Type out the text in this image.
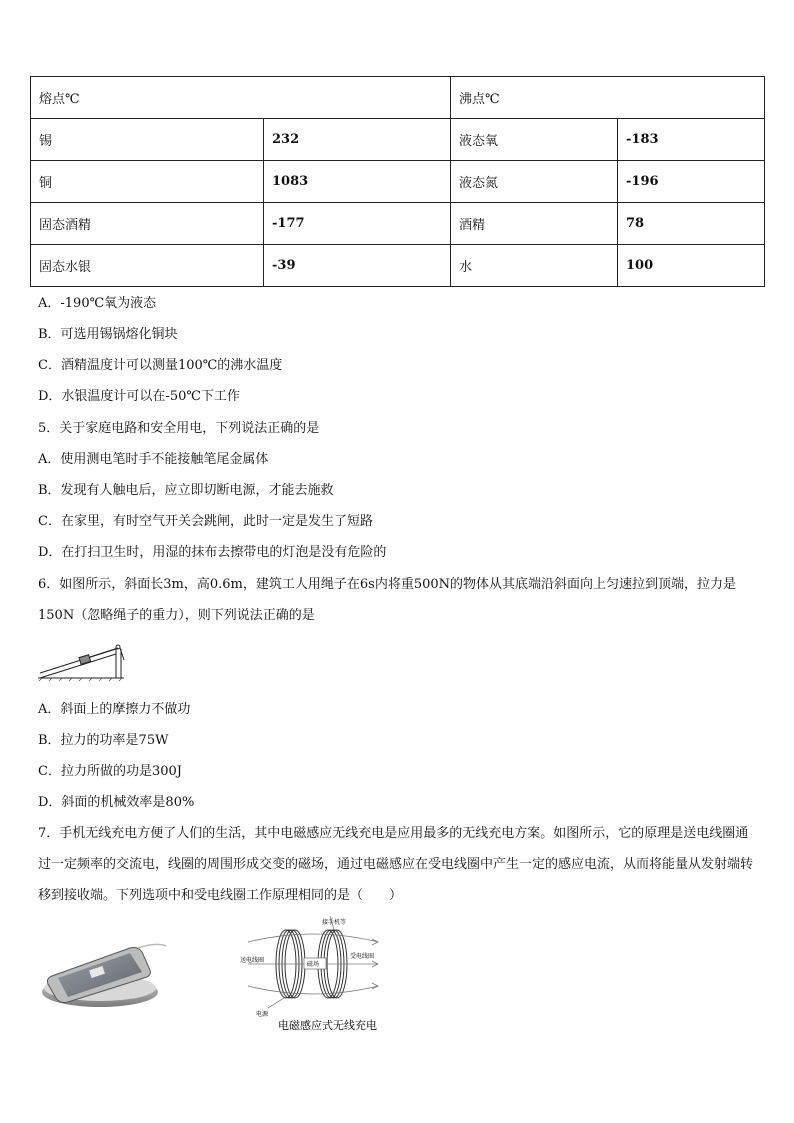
熔点℃		沸点℃	
锡	232	液态氧	-183
铜	1083	液态氮	-196
固态酒精	-177	酒精	78
固态水银	-39	水	100
A．-190℃氧为液态
B．可选用锡锅熔化铜块
C．酒精温度计可以测量100℃的沸水温度
D．水银温度计可以在-50℃下工作
5．关于家庭电路和安全用电，下列说法正确的是
A．使用测电笔时手不能接触笔尾金属体
B．发现有人触电后，应立即切断电源，才能去施救
C．在家里，有时空气开关会跳闸，此时一定是发生了短路
D．在打扫卫生时，用湿的抹布去擦带电的灯泡是没有危险的
6．如图所示，斜面长3m，高0.6m，建筑工人用绳子在6s内将重500N的物体从其底端沿斜面向上匀速拉到顶端，拉力是150N（忽略绳子的重力），则下列说法正确的是
A．斜面上的摩擦力不做功
B．拉力的功率是75W
C．拉力所做的功是300J
D．斜面的机械效率是80%
7．手机无线充电方便了人们的生活，其中电磁感应无线充电是应用最多的无线充电方案。如图所示，它的原理是送电线圈通过一定频率的交流电，线圈的周围形成交变的磁场，通过电磁感应在受电线圈中产生一定的感应电流，从而将能量从发射端转移到接收端。下列选项中和受电线圈工作原理相同的是（　　）
接手机等
送电线圈
受电线圈
磁场
电源
电磁感应式无线充电
